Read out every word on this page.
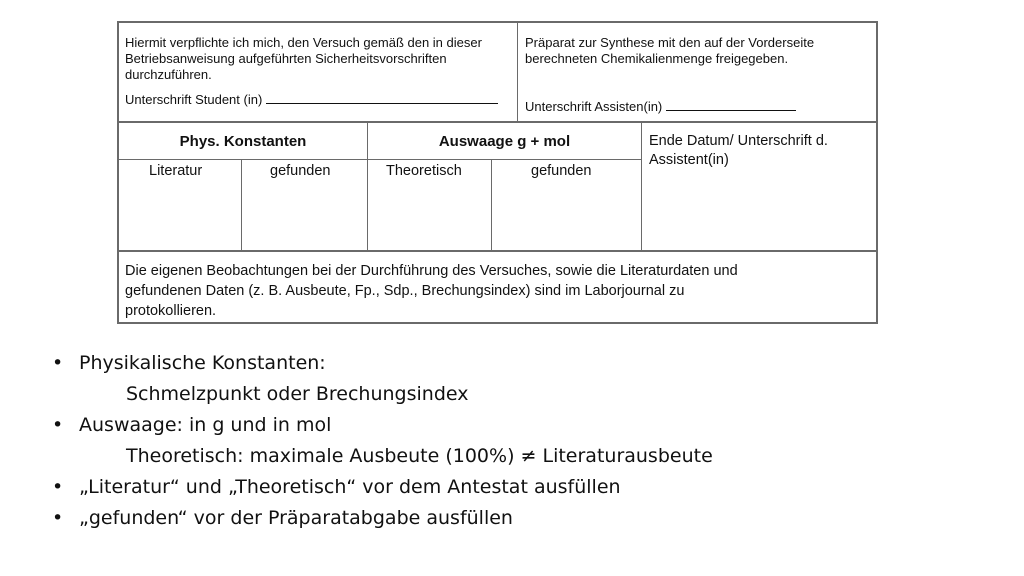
Hiermit verpflichte ich mich, den Versuch gemäß den in dieser
Betriebsanweisung aufgeführten Sicherheitsvorschriften
durchzuführen.
Unterschrift Student (in)
Präparat zur Synthese mit den auf der Vorderseite
berechneten Chemikalienmenge freigegeben.
Unterschrift Assisten(in)
Phys. Konstanten	Auswaage g + mol	Ende Datum/ Unterschrift d.
Assistent(in)
Literatur	gefunden	Theoretisch	gefunden
Die eigenen Beobachtungen bei der Durchführung des Versuches, sowie die Literaturdaten und
gefundenen Daten (z. B. Ausbeute, Fp., Sdp., Brechungsindex) sind im Laborjournal zu
protokollieren.
• Physikalische Konstanten:
Schmelzpunkt oder Brechungsindex
• Auswaage: in g und in mol
Theoretisch: maximale Ausbeute (100%) ≠ Literaturausbeute
• „Literatur“ und „Theoretisch“ vor dem Antestat ausfüllen
• „gefunden“ vor der Präparatabgabe ausfüllen
